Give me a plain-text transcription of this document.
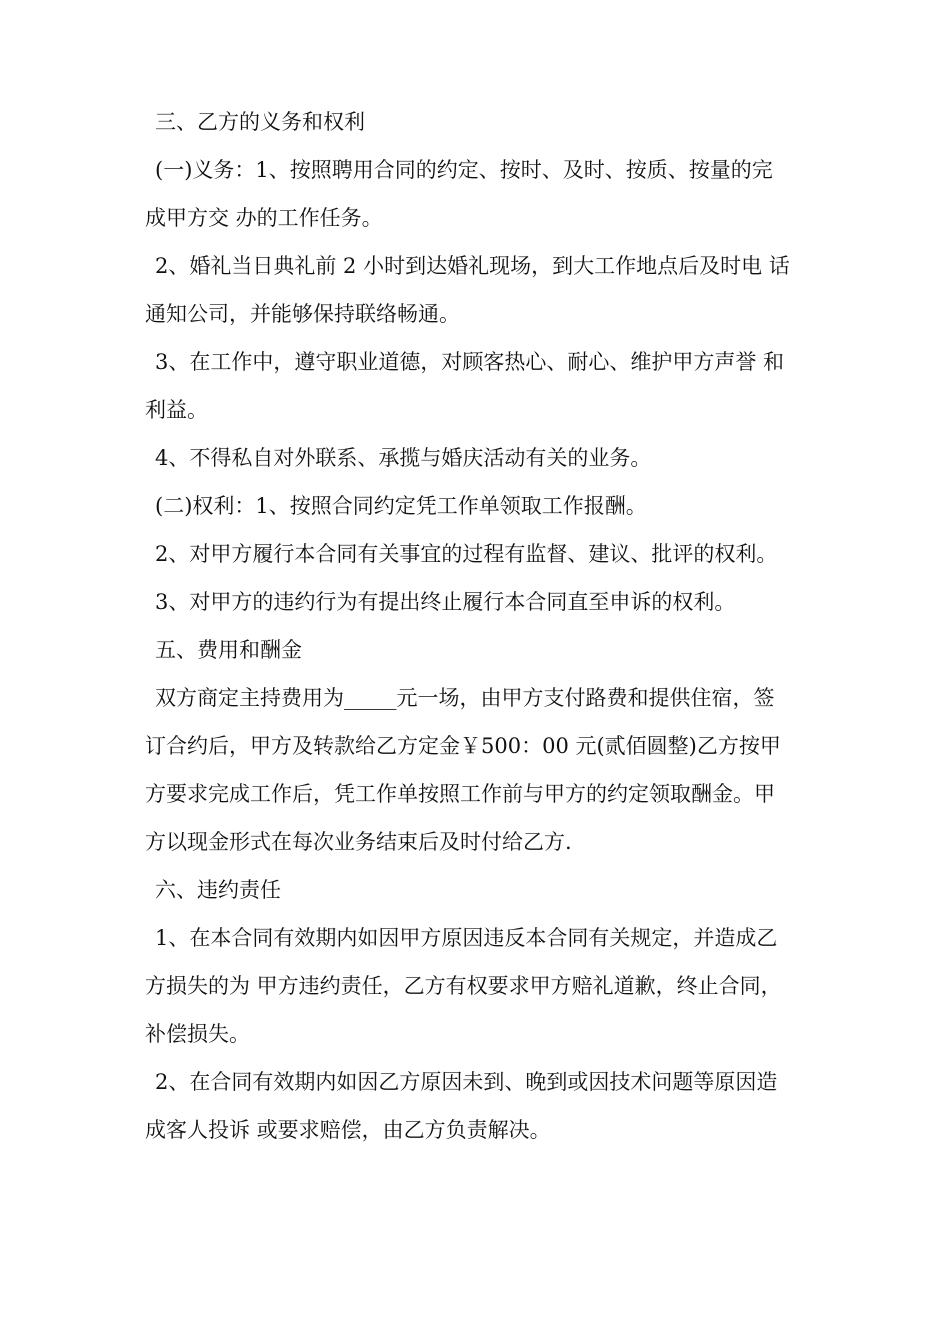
三、乙方的义务和权利

(一)义务：1、按照聘用合同的约定、按时、及时、按质、按量的完

成甲方交 办的工作任务。

2、婚礼当日典礼前 2 小时到达婚礼现场，到大工作地点后及时电 话

通知公司，并能够保持联络畅通。

3、在工作中，遵守职业道德，对顾客热心、耐心、维护甲方声誉 和

利益。

4、不得私自对外联系、承揽与婚庆活动有关的业务。

(二)权利：1、按照合同约定凭工作单领取工作报酬。

2、对甲方履行本合同有关事宜的过程有监督、建议、批评的权利。

3、对甲方的违约行为有提出终止履行本合同直至申诉的权利。

五、费用和酬金

双方商定主持费用为_____元一场，由甲方支付路费和提供住宿，签

订合约后，甲方及转款给乙方定金￥500：00 元(贰佰圆整)乙方按甲

方要求完成工作后，凭工作单按照工作前与甲方的约定领取酬金。甲

方以现金形式在每次业务结束后及时付给乙方.

六、违约责任

1、在本合同有效期内如因甲方原因违反本合同有关规定，并造成乙

方损失的为 甲方违约责任，乙方有权要求甲方赔礼道歉，终止合同，

补偿损失。

2、在合同有效期内如因乙方原因未到、晚到或因技术问题等原因造

成客人投诉 或要求赔偿，由乙方负责解决。
